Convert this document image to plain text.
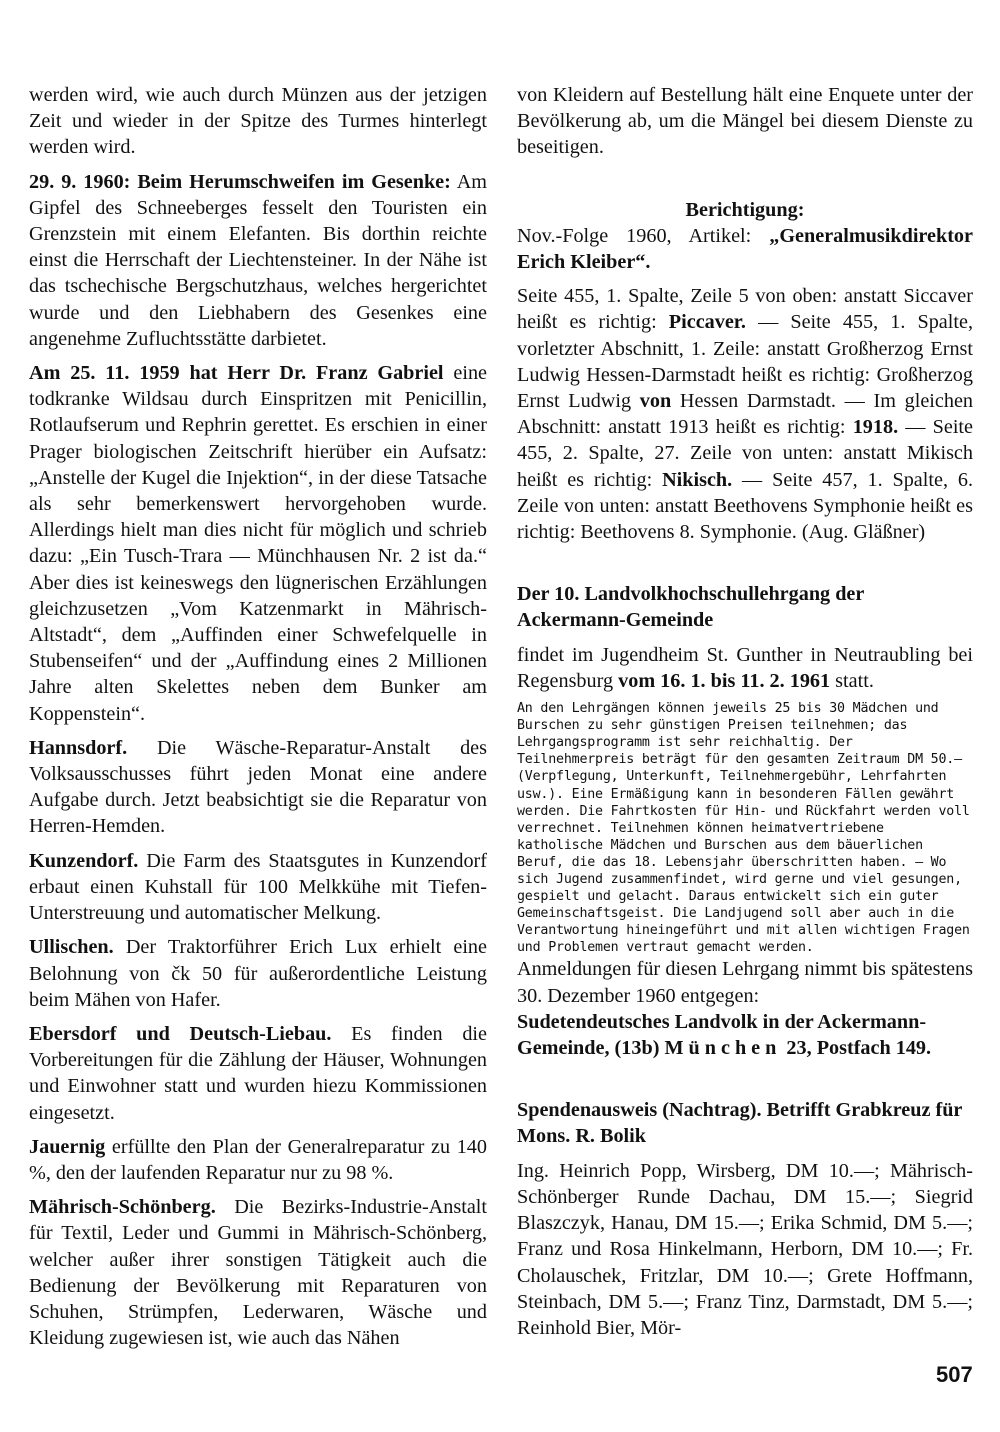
werden wird, wie auch durch Münzen aus der jetzigen Zeit und wieder in der Spitze des Turmes hinterlegt werden wird.

29. 9. 1960: Beim Herumschweifen im Gesenke: Am Gipfel des Schneeberges fesselt den Touristen ein Grenzstein mit einem Elefanten. Bis dorthin reichte einst die Herrschaft der Liechtensteiner. In der Nähe ist das tschechische Bergschutzhaus, welches hergerichtet wurde und den Liebhabern des Gesenkes eine angenehme Zufluchtsstätte darbietet.

Am 25. 11. 1959 hat Herr Dr. Franz Gabriel eine todkranke Wildsau durch Einspritzen mit Penicillin, Rotlaufserum und Rephrin gerettet. Es erschien in einer Prager biologischen Zeitschrift hierüber ein Aufsatz: „Anstelle der Kugel die Injektion“, in der diese Tatsache als sehr bemerkenswert hervorgehoben wurde. Allerdings hielt man dies nicht für möglich und schrieb dazu: „Ein Tusch-Trara — Münchhausen Nr. 2 ist da.“ Aber dies ist keineswegs den lügnerischen Erzählungen gleichzusetzen „Vom Katzenmarkt in Mährisch-Altstadt“, dem „Auffinden einer Schwefelquelle in Stubenseifen“ und der „Auffindung eines 2 Millionen Jahre alten Skelettes neben dem Bunker am Koppenstein“.

Hannsdorf. Die Wäsche-Reparatur-Anstalt des Volksausschusses führt jeden Monat eine andere Aufgabe durch. Jetzt beabsichtigt sie die Reparatur von Herren-Hemden.

Kunzendorf. Die Farm des Staatsgutes in Kunzendorf erbaut einen Kuhstall für 100 Melkkühe mit Tiefen-Unterstreuung und automatischer Melkung.

Ullischen. Der Traktorführer Erich Lux erhielt eine Belohnung von čk 50 für außerordentliche Leistung beim Mähen von Hafer.

Ebersdorf und Deutsch-Liebau. Es finden die Vorbereitungen für die Zählung der Häuser, Wohnungen und Einwohner statt und wurden hiezu Kommissionen eingesetzt.

Jauernig erfüllte den Plan der Generalreparatur zu 140 %, den der laufenden Reparatur nur zu 98 %.

Mährisch-Schönberg. Die Bezirks-Industrie-Anstalt für Textil, Leder und Gummi in Mährisch-Schönberg, welcher außer ihrer sonstigen Tätigkeit auch die Bedienung der Bevölkerung mit Reparaturen von Schuhen, Strümpfen, Lederwaren, Wäsche und Kleidung zugewiesen ist, wie auch das Nähen

von Kleidern auf Bestellung hält eine Enquete unter der Bevölkerung ab, um die Mängel bei diesem Dienste zu beseitigen.

Berichtigung:

Nov.-Folge 1960, Artikel: „Generalmusikdirektor Erich Kleiber“.

Seite 455, 1. Spalte, Zeile 5 von oben: anstatt Siccaver heißt es richtig: Piccaver. — Seite 455, 1. Spalte, vorletzter Abschnitt, 1. Zeile: anstatt Großherzog Ernst Ludwig Hessen-Darmstadt heißt es richtig: Großherzog Ernst Ludwig von Hessen Darmstadt. — Im gleichen Abschnitt: anstatt 1913 heißt es richtig: 1918. — Seite 455, 2. Spalte, 27. Zeile von unten: anstatt Mikisch heißt es richtig: Nikisch. — Seite 457, 1. Spalte, 6. Zeile von unten: anstatt Beethovens Symphonie heißt es richtig: Beethovens 8. Symphonie. (Aug. Gläßner)

Der 10. Landvolkhochschullehrgang der Ackermann-Gemeinde

findet im Jugendheim St. Gunther in Neutraubling bei Regensburg vom 16. 1. bis 11. 2. 1961 statt.

An den Lehrgängen können jeweils 25 bis 30 Mädchen und Burschen zu sehr günstigen Preisen teilnehmen; das Lehrgangsprogramm ist sehr reichhaltig. Der Teilnehmerpreis beträgt für den gesamten Zeitraum DM 50.— (Verpflegung, Unterkunft, Teilnehmergebühr, Lehrfahrten usw.). Eine Ermäßigung kann in besonderen Fällen gewährt werden. Die Fahrtkosten für Hin- und Rückfahrt werden voll verrechnet. Teilnehmen können heimatvertriebene katholische Mädchen und Burschen aus dem bäuerlichen Beruf, die das 18. Lebensjahr überschritten haben. — Wo sich Jugend zusammenfindet, wird gerne und viel gesungen, gespielt und gelacht. Daraus entwickelt sich ein guter Gemeinschaftsgeist. Die Landjugend soll aber auch in die Verantwortung hineingeführt und mit allen wichtigen Fragen und Problemen vertraut gemacht werden.

Anmeldungen für diesen Lehrgang nimmt bis spätestens 30. Dezember 1960 entgegen:

Sudetendeutsches Landvolk in der Ackermann-Gemeinde, (13b) München 23, Postfach 149.

Spendenausweis (Nachtrag). Betrifft Grabkreuz für Mons. R. Bolik

Ing. Heinrich Popp, Wirsberg, DM 10.—; Mährisch-Schönberger Runde Dachau, DM 15.—; Siegrid Blaszczyk, Hanau, DM 15.—; Erika Schmid, DM 5.—; Franz und Rosa Hinkelmann, Herborn, DM 10.—; Fr. Cholauschek, Fritzlar, DM 10.—; Grete Hoffmann, Steinbach, DM 5.—; Franz Tinz, Darmstadt, DM 5.—; Reinhold Bier, Mör-

507
